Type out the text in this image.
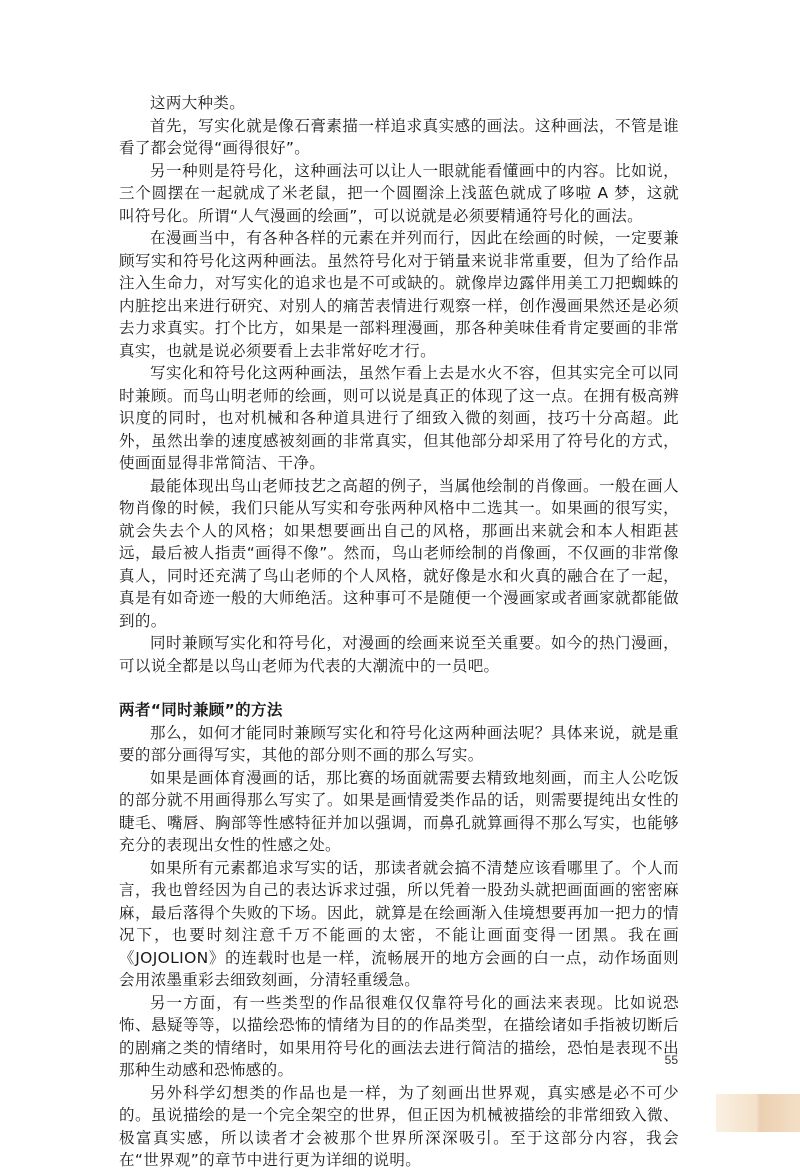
这两大种类。

首先，写实化就是像石膏素描一样追求真实感的画法。这种画法，不管是谁看了都会觉得“画得很好”。

另一种则是符号化，这种画法可以让人一眼就能看懂画中的内容。比如说，三个圆摆在一起就成了米老鼠，把一个圆圈涂上浅蓝色就成了哆啦 A 梦，这就叫符号化。所谓“人气漫画的绘画”，可以说就是必须要精通符号化的画法。

在漫画当中，有各种各样的元素在并列而行，因此在绘画的时候，一定要兼顾写实和符号化这两种画法。虽然符号化对于销量来说非常重要，但为了给作品注入生命力，对写实化的追求也是不可或缺的。就像岸边露伴用美工刀把蜘蛛的内脏挖出来进行研究、对别人的痛苦表情进行观察一样，创作漫画果然还是必须去力求真实。打个比方，如果是一部料理漫画，那各种美味佳肴肯定要画的非常真实，也就是说必须要看上去非常好吃才行。

写实化和符号化这两种画法，虽然乍看上去是水火不容，但其实完全可以同时兼顾。而鸟山明老师的绘画，则可以说是真正的体现了这一点。在拥有极高辨识度的同时，也对机械和各种道具进行了细致入微的刻画，技巧十分高超。此外，虽然出拳的速度感被刻画的非常真实，但其他部分却采用了符号化的方式，使画面显得非常简洁、干净。

最能体现出鸟山老师技艺之高超的例子，当属他绘制的肖像画。一般在画人物肖像的时候，我们只能从写实和夸张两种风格中二选其一。如果画的很写实，就会失去个人的风格；如果想要画出自己的风格，那画出来就会和本人相距甚远，最后被人指责“画得不像”。然而，鸟山老师绘制的肖像画，不仅画的非常像真人，同时还充满了鸟山老师的个人风格，就好像是水和火真的融合在了一起，真是有如奇迹一般的大师绝活。这种事可不是随便一个漫画家或者画家就都能做到的。

同时兼顾写实化和符号化，对漫画的绘画来说至关重要。如今的热门漫画，可以说全都是以鸟山老师为代表的大潮流中的一员吧。

两者“同时兼顾”的方法

那么，如何才能同时兼顾写实化和符号化这两种画法呢？具体来说，就是重要的部分画得写实，其他的部分则不画的那么写实。

如果是画体育漫画的话，那比赛的场面就需要去精致地刻画，而主人公吃饭的部分就不用画得那么写实了。如果是画情爱类作品的话，则需要提纯出女性的睫毛、嘴唇、胸部等性感特征并加以强调，而鼻孔就算画得不那么写实，也能够充分的表现出女性的性感之处。

如果所有元素都追求写实的话，那读者就会搞不清楚应该看哪里了。个人而言，我也曾经因为自己的表达诉求过强，所以凭着一股劲头就把画面画的密密麻麻，最后落得个失败的下场。因此，就算是在绘画渐入佳境想要再加一把力的情况下，也要时刻注意千万不能画的太密，不能让画面变得一团黑。我在画《JOJOLION》的连载时也是一样，流畅展开的地方会画的白一点，动作场面则会用浓墨重彩去细致刻画，分清轻重缓急。

另一方面，有一些类型的作品很难仅仅靠符号化的画法来表现。比如说恐怖、悬疑等等，以描绘恐怖的情绪为目的的作品类型，在描绘诸如手指被切断后的剧痛之类的情绪时，如果用符号化的画法去进行简洁的描绘，恐怕是表现不出那种生动感和恐怖感的。

另外科学幻想类的作品也是一样，为了刻画出世界观，真实感是必不可少的。虽说描绘的是一个完全架空的世界，但正因为机械被描绘的非常细致入微、极富真实感，所以读者才会被那个世界所深深吸引。至于这部分内容，我会在“世界观”的章节中进行更为详细的说明。

55
